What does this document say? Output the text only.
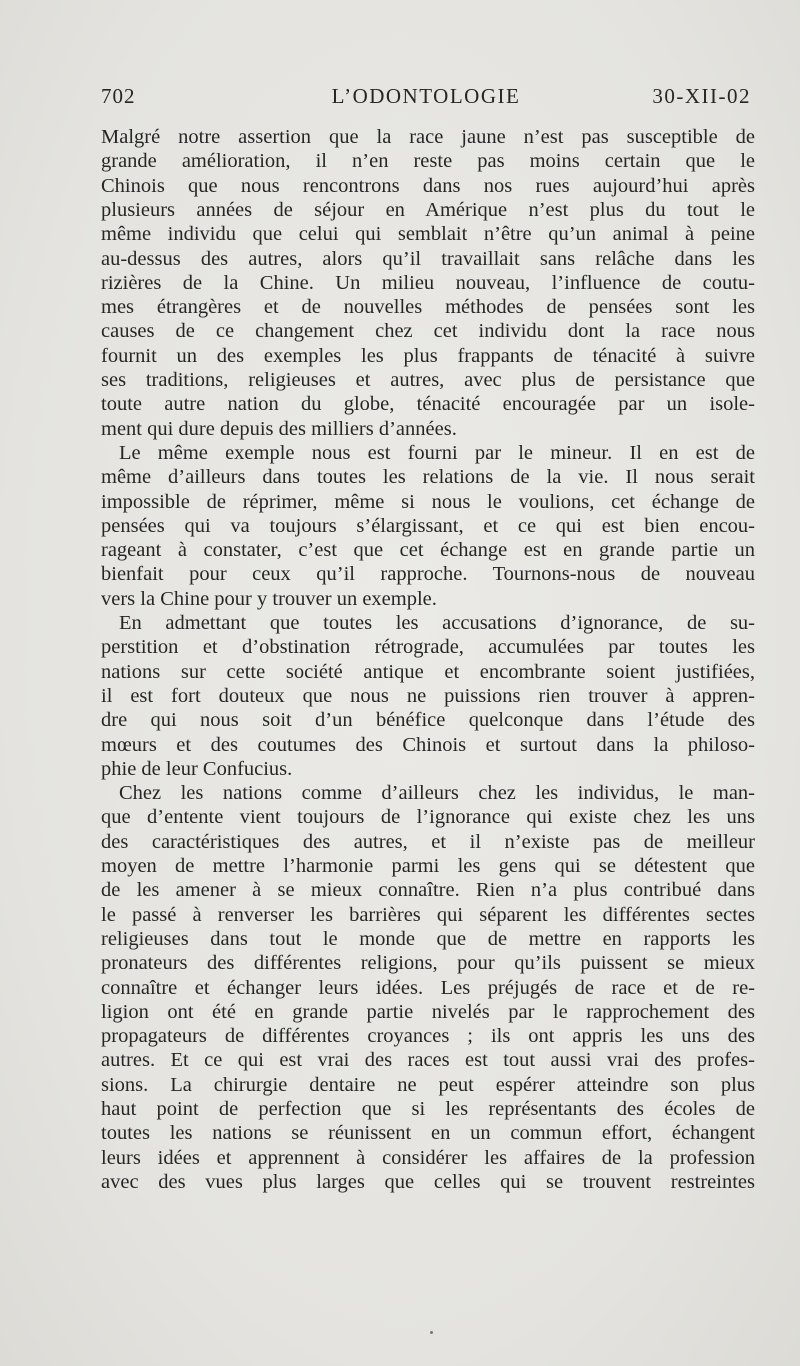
702	L’ODONTOLOGIE	30-XII-02
Malgré notre assertion que la race jaune n’est pas susceptible de
grande amélioration, il n’en reste pas moins certain que le
Chinois que nous rencontrons dans nos rues aujourd’hui après
plusieurs années de séjour en Amérique n’est plus du tout le
même individu que celui qui semblait n’être qu’un animal à peine
au-dessus des autres, alors qu’il travaillait sans relâche dans les
rizières de la Chine. Un milieu nouveau, l’influence de coutu-
mes étrangères et de nouvelles méthodes de pensées sont les
causes de ce changement chez cet individu dont la race nous
fournit un des exemples les plus frappants de ténacité à suivre
ses traditions, religieuses et autres, avec plus de persistance que
toute autre nation du globe, ténacité encouragée par un isole-
ment qui dure depuis des milliers d’années.
Le même exemple nous est fourni par le mineur. Il en est de
même d’ailleurs dans toutes les relations de la vie. Il nous serait
impossible de réprimer, même si nous le voulions, cet échange de
pensées qui va toujours s’élargissant, et ce qui est bien encou-
rageant à constater, c’est que cet échange est en grande partie un
bienfait pour ceux qu’il rapproche. Tournons-nous de nouveau
vers la Chine pour y trouver un exemple.
En admettant que toutes les accusations d’ignorance, de su-
perstition et d’obstination rétrograde, accumulées par toutes les
nations sur cette société antique et encombrante soient justifiées,
il est fort douteux que nous ne puissions rien trouver à appren-
dre qui nous soit d’un bénéfice quelconque dans l’étude des
mœurs et des coutumes des Chinois et surtout dans la philoso-
phie de leur Confucius.
Chez les nations comme d’ailleurs chez les individus, le man-
que d’entente vient toujours de l’ignorance qui existe chez les uns
des caractéristiques des autres, et il n’existe pas de meilleur
moyen de mettre l’harmonie parmi les gens qui se détestent que
de les amener à se mieux connaître. Rien n’a plus contribué dans
le passé à renverser les barrières qui séparent les différentes sectes
religieuses dans tout le monde que de mettre en rapports les
pronateurs des différentes religions, pour qu’ils puissent se mieux
connaître et échanger leurs idées. Les préjugés de race et de re-
ligion ont été en grande partie nivelés par le rapprochement des
propagateurs de différentes croyances ; ils ont appris les uns des
autres. Et ce qui est vrai des races est tout aussi vrai des profes-
sions. La chirurgie dentaire ne peut espérer atteindre son plus
haut point de perfection que si les représentants des écoles de
toutes les nations se réunissent en un commun effort, échangent
leurs idées et apprennent à considérer les affaires de la profession
avec des vues plus larges que celles qui se trouvent restreintes
